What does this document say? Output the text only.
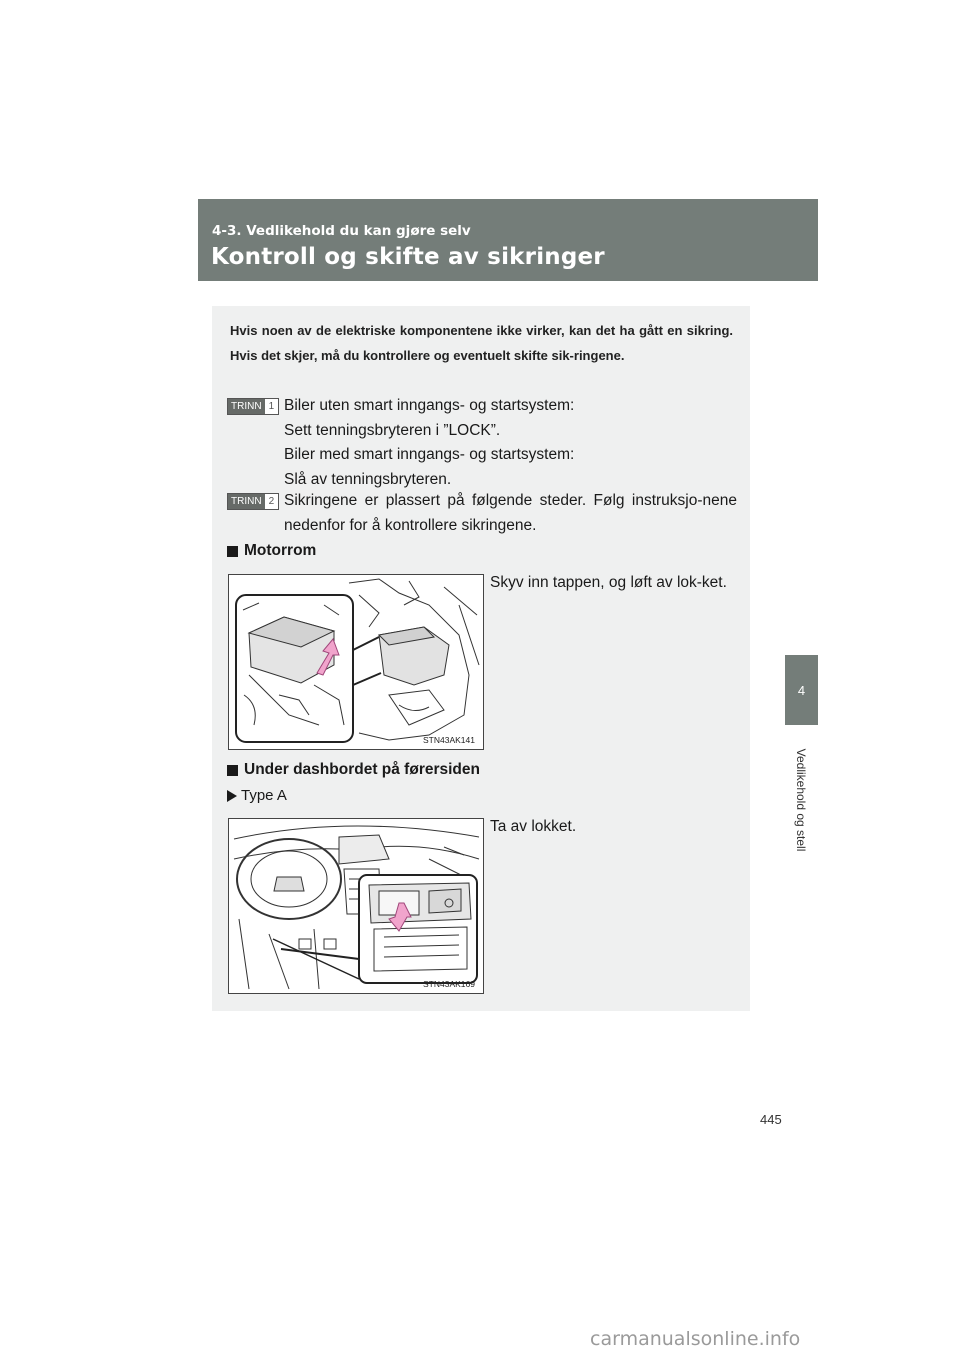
4-3. Vedlikehold du kan gjøre selv
Kontroll og skifte av sikringer
4
Vedlikehold og stell
Hvis noen av de elektriske komponentene ikke virker, kan det ha gått en sikring. Hvis det skjer, må du kontrollere og eventuelt skifte sik-ringene.
TRINN 1 Biler uten smart inngangs- og startsystem:
Sett tenningsbryteren i ”LOCK”.
Biler med smart inngangs- og startsystem:
Slå av tenningsbryteren.
TRINN 2 Sikringene er plassert på følgende steder. Følg instruksjo-nene nedenfor for å kontrollere sikringene.
Motorrom
STN43AK141
Skyv inn tappen, og løft av lok-ket.
Under dashbordet på førersiden
Type A
STN43AK169
Ta av lokket.
445
carmanualsonline.info
